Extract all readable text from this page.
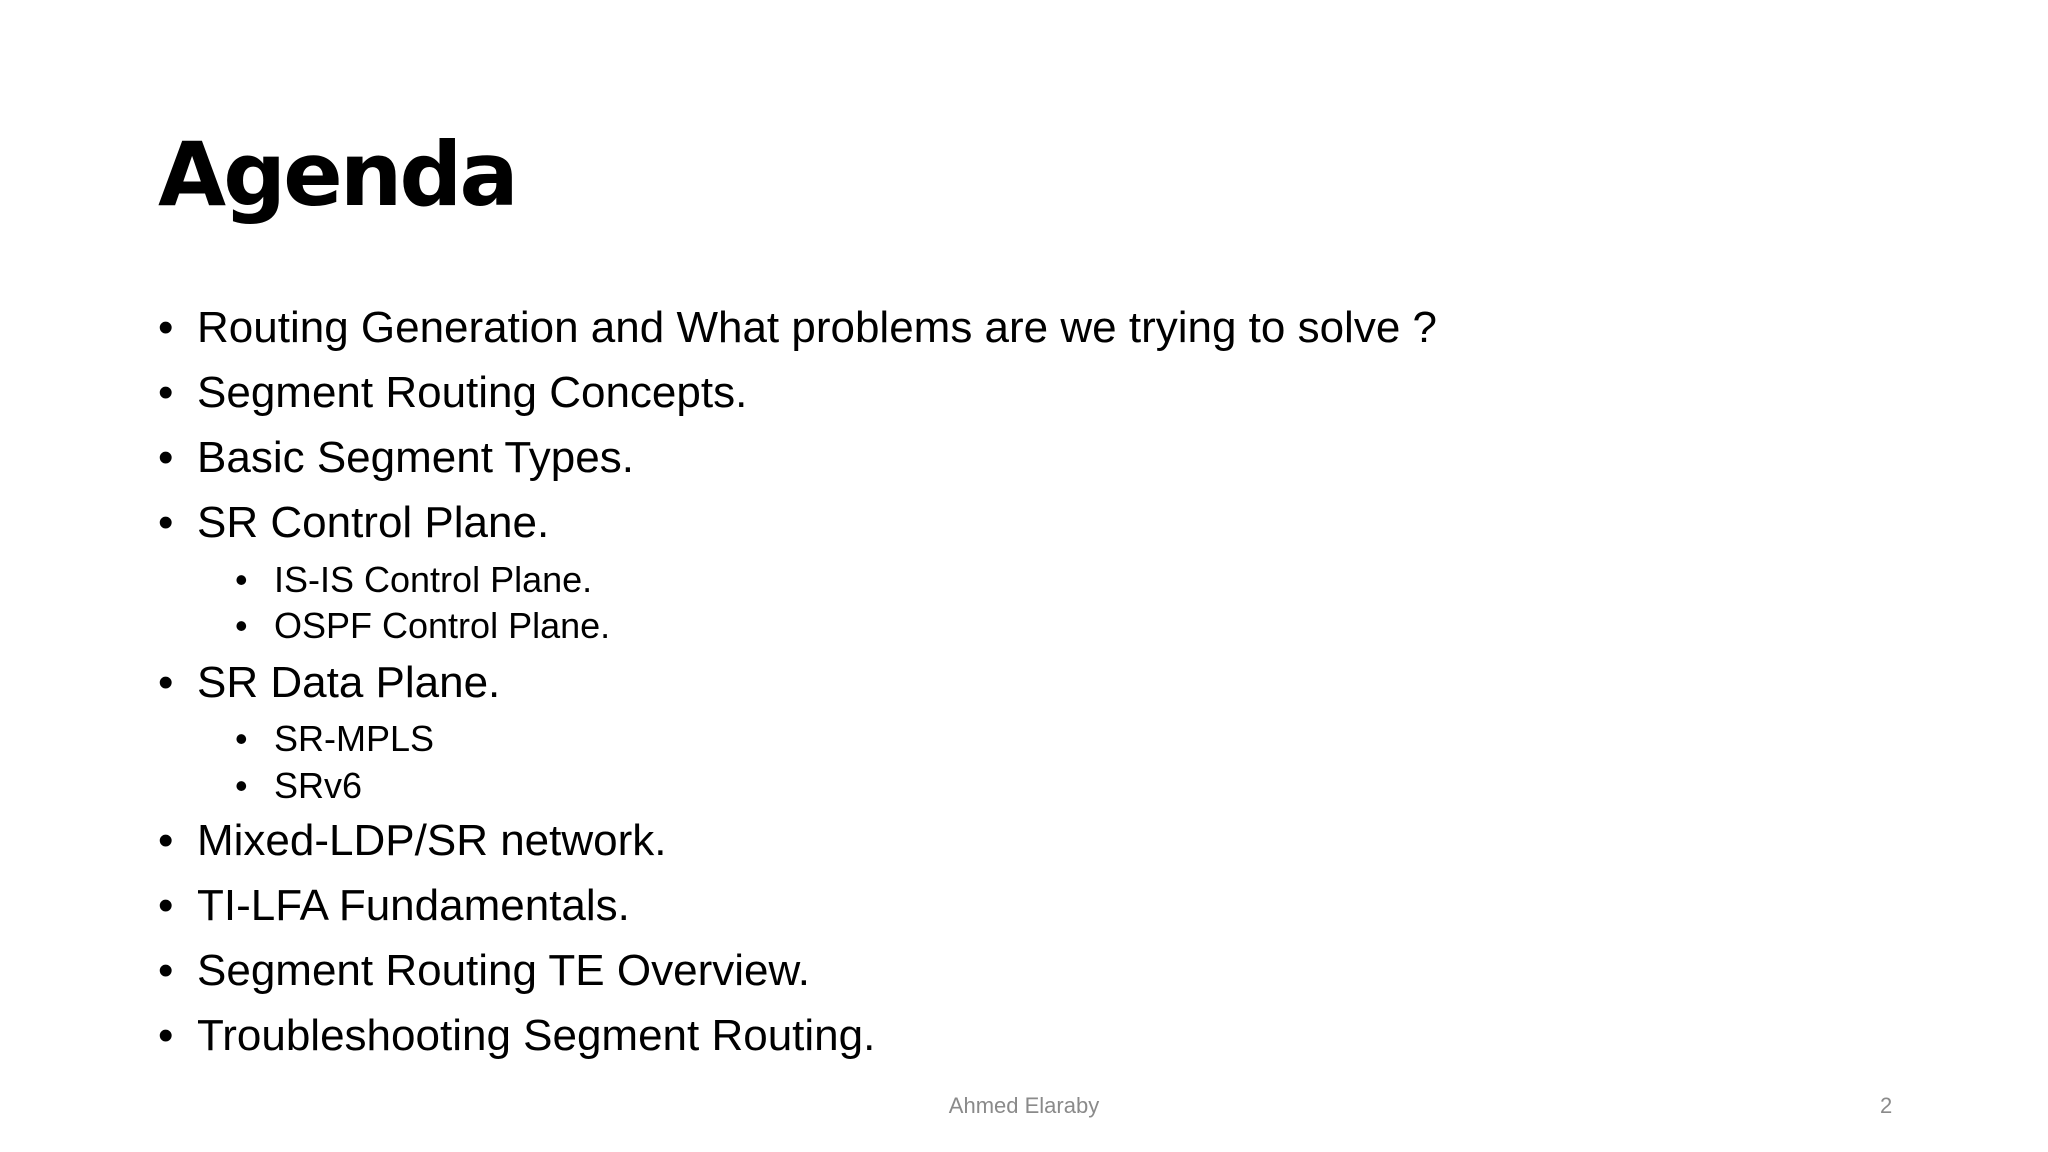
Agenda
• Routing Generation and What problems are we trying to solve ?
• Segment Routing Concepts.
• Basic Segment Types.
• SR Control Plane.
• IS-IS Control Plane.
• OSPF Control Plane.
• SR Data Plane.
• SR-MPLS
• SRv6
• Mixed-LDP/SR network.
• TI-LFA Fundamentals.
• Segment Routing TE Overview.
• Troubleshooting Segment Routing.
Ahmed Elaraby	2
